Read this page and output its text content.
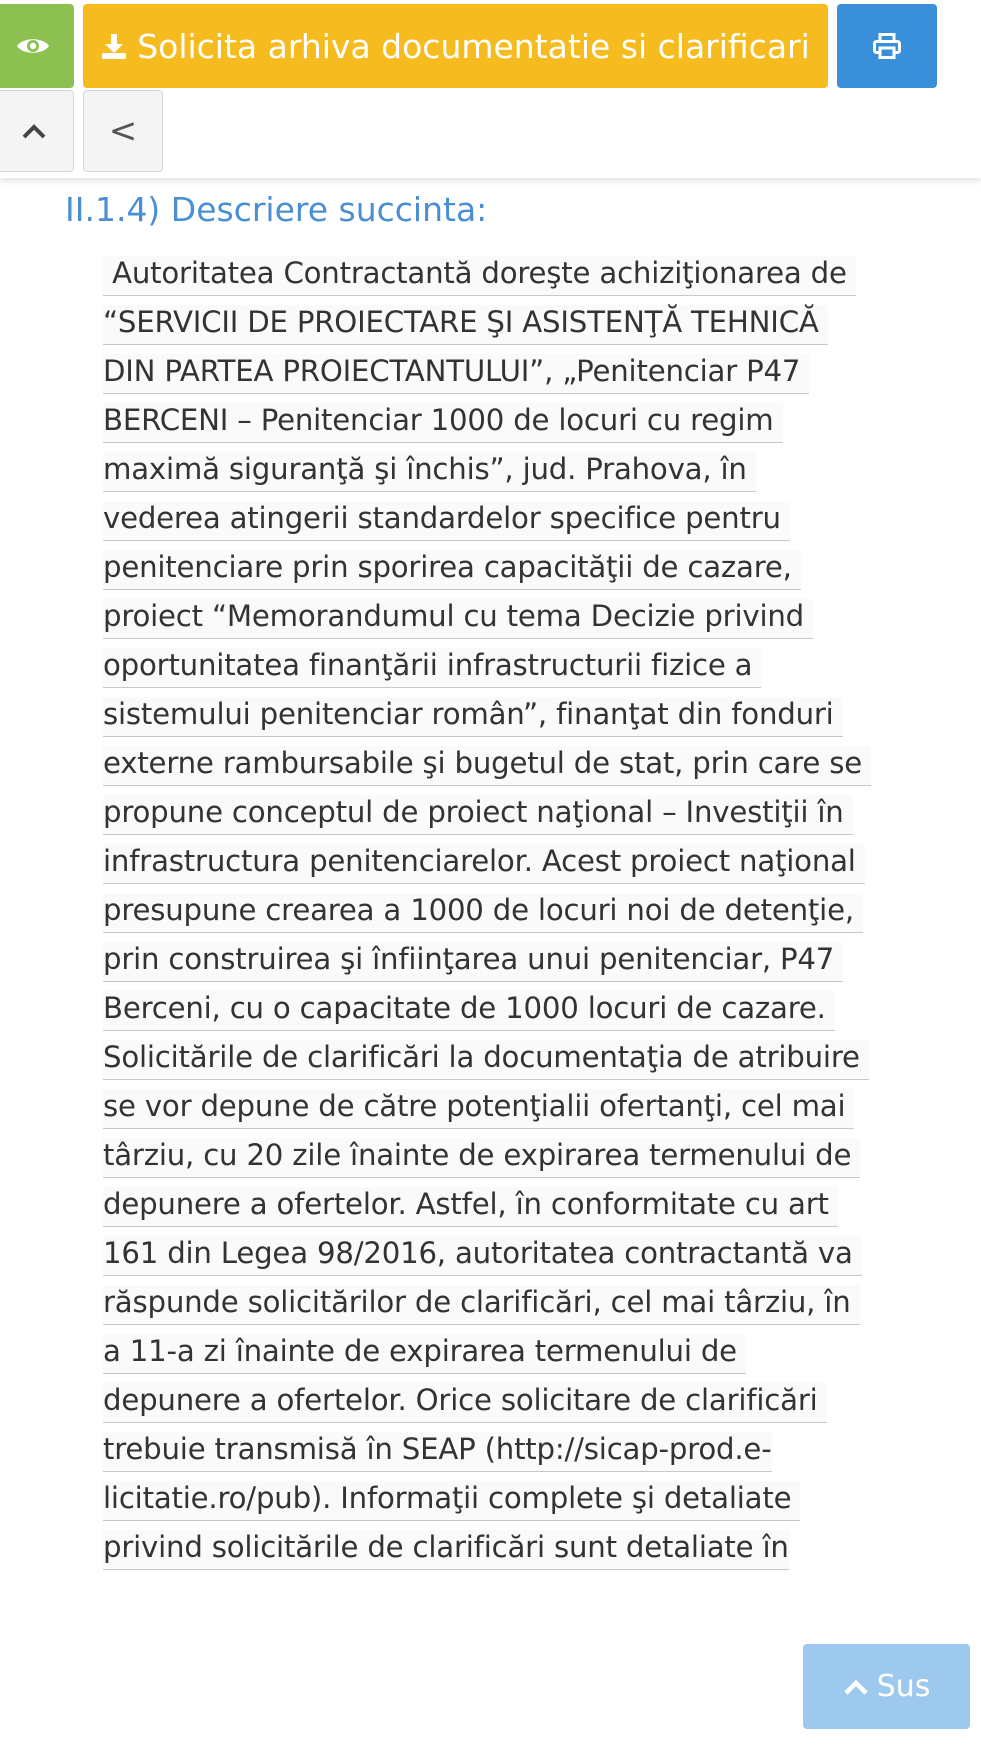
Solicita arhiva documentatie si clarificari
<
II.1.4) Descriere succinta:
Autoritatea Contractantă doreşte achiziţionarea de “SERVICII DE PROIECTARE ŞI ASISTENŢĂ TEHNICĂ DIN PARTEA PROIECTANTULUI”, „Penitenciar P47 BERCENI – Penitenciar 1000 de locuri cu regim maximă siguranţă şi închis”, jud. Prahova, în vederea atingerii standardelor specifice pentru penitenciare prin sporirea capacităţii de cazare, proiect “Memorandumul cu tema Decizie privind oportunitatea finanţării infrastructurii fizice a sistemului penitenciar român”, finanţat din fonduri externe rambursabile şi bugetul de stat, prin care se propune conceptul de proiect naţional – Investiţii în infrastructura penitenciarelor. Acest proiect naţional presupune crearea a 1000 de locuri noi de detenţie, prin construirea şi înfiinţarea unui penitenciar, P47 Berceni, cu o capacitate de 1000 locuri de cazare. Solicitările de clarificări la documentaţia de atribuire se vor depune de către potenţialii ofertanţi, cel mai târziu, cu 20 zile înainte de expirarea termenului de depunere a ofertelor. Astfel, în conformitate cu art 161 din Legea 98/2016, autoritatea contractantă va răspunde solicitărilor de clarificări, cel mai târziu, în a 11-a zi înainte de expirarea termenului de depunere a ofertelor. Orice solicitare de clarificări trebuie transmisă în SEAP (http://sicap-prod.e-licitatie.ro/pub). Informaţii complete şi detaliate privind solicitările de clarificări sunt detaliate în
Sus
